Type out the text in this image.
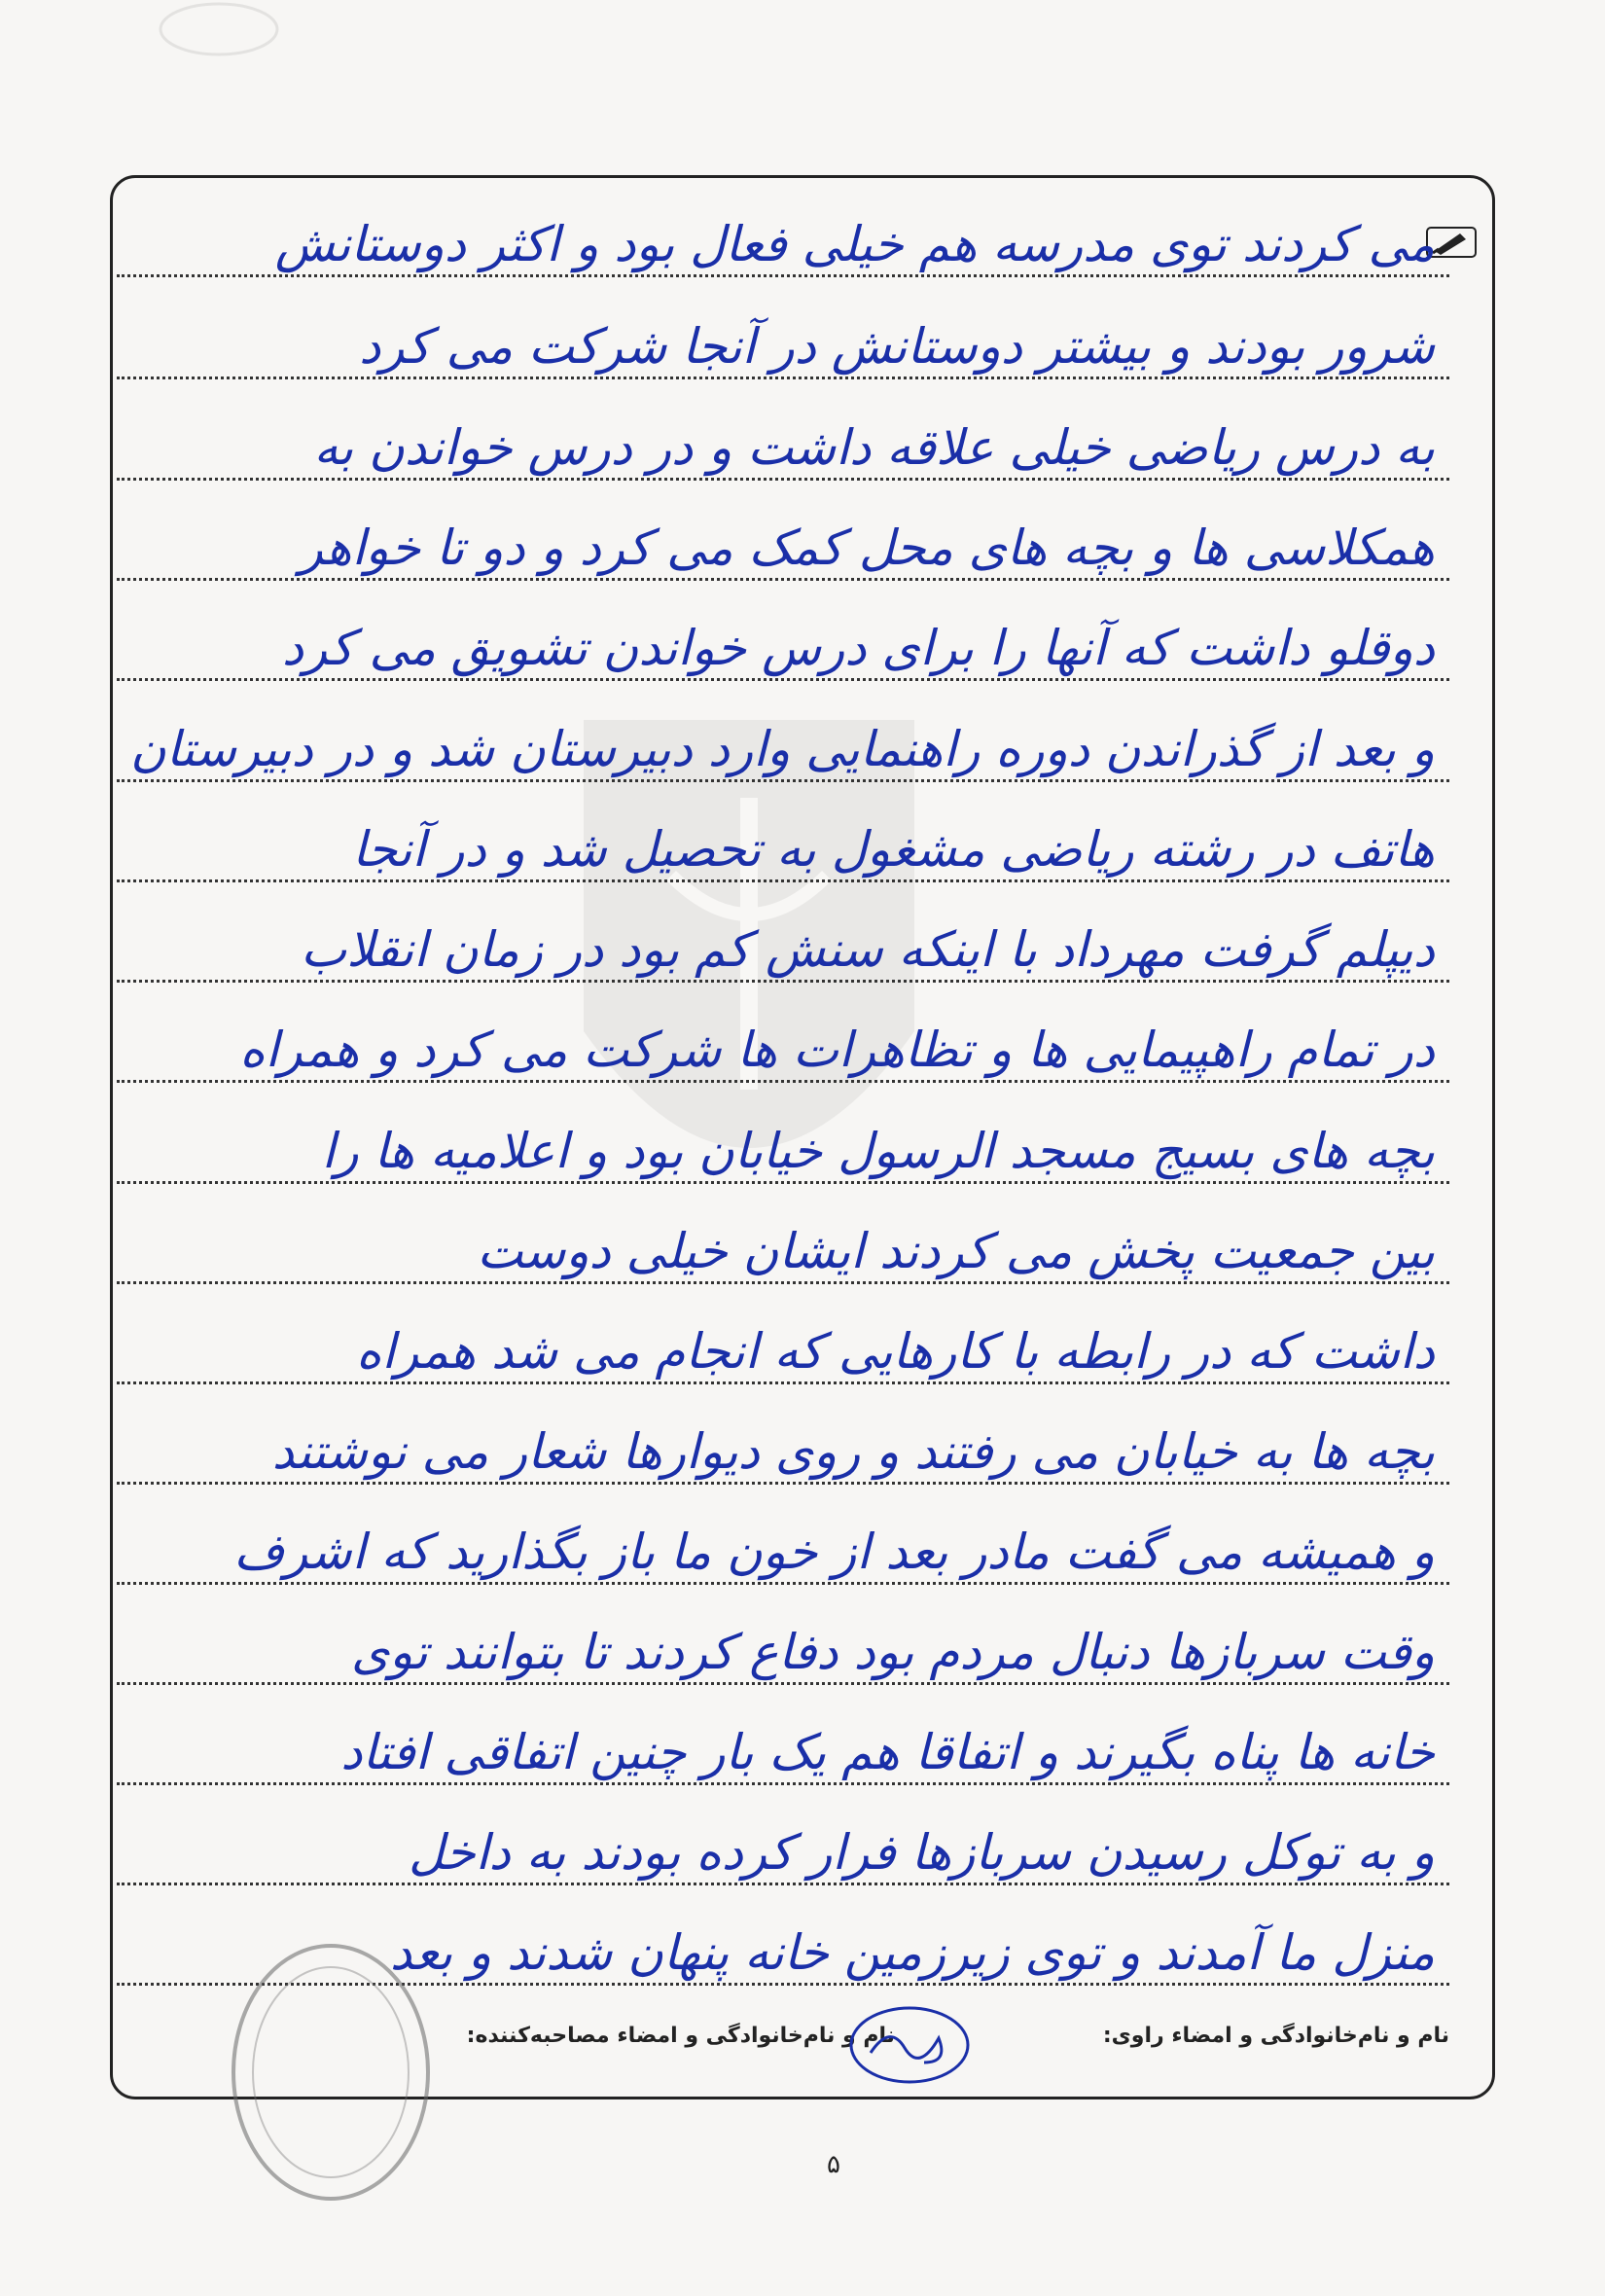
می کردند توی مدرسه هم خیلی فعال بود و اکثر دوستانش
شرور بودند و بیشتر دوستانش در آنجا شرکت می کرد
به درس ریاضی خیلی علاقه داشت و در درس خواندن به
همکلاسی ها و بچه های محل کمک می کرد و دو تا خواهر
دوقلو داشت که آنها را برای درس خواندن تشویق می کرد
و بعد از گذراندن دوره راهنمایی وارد دبیرستان شد و در دبیرستان
هاتف در رشته ریاضی مشغول به تحصیل شد و در آنجا
دیپلم گرفت مهرداد با اینکه سنش کم بود در زمان انقلاب
در تمام راهپیمایی ها و تظاهرات ها شرکت می کرد و همراه
بچه های بسیج مسجد الرسول خیابان بود و اعلامیه ها را
بین جمعیت پخش می کردند ایشان خیلی دوست
داشت که در رابطه با کارهایی که انجام می شد همراه
بچه ها به خیابان می رفتند و روی دیوارها شعار می نوشتند
و همیشه می گفت مادر بعد از خون ما باز بگذارید که اشرف
وقت سربازها دنبال مردم بود دفاع کردند تا بتوانند توی
خانه ها پناه بگیرند و اتفاقا هم یک بار چنین اتفاقی افتاد
و به توکل رسیدن سربازها فرار کرده بودند به داخل
منزل ما آمدند و توی زیرزمین خانه پنهان شدند و بعد
نام و نام‌خانوادگی و امضاء راوی:
نام و نام‌خانوادگی و امضاء مصاحبه‌کننده:
۵
